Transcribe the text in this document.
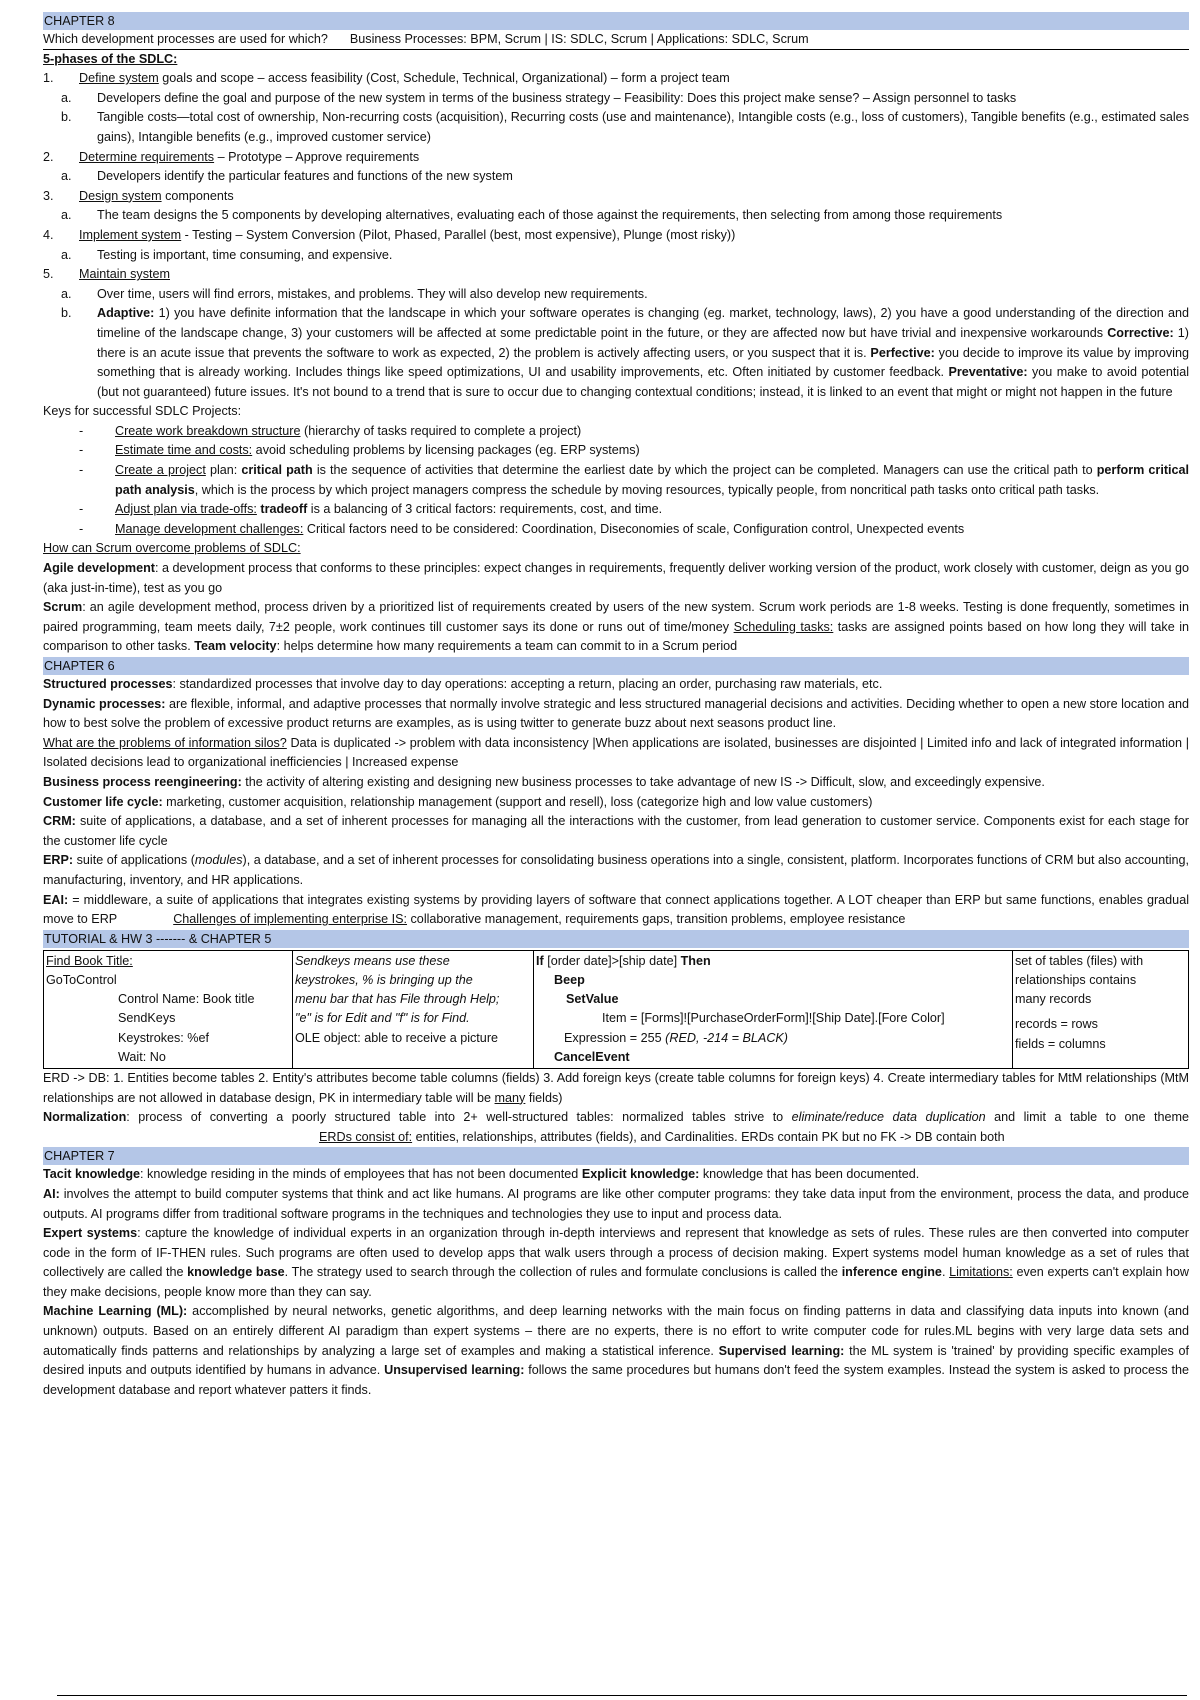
CHAPTER 8
Which development processes are used for which? Business Processes: BPM, Scrum | IS: SDLC, Scrum | Applications: SDLC, Scrum
5-phases of the SDLC:
1.	Define system goals and scope – access feasibility (Cost, Schedule, Technical, Organizational) – form a project team
a.	Developers define the goal and purpose of the new system in terms of the business strategy – Feasibility: Does this project make sense? – Assign personnel to tasks
b.	Tangible costs—total cost of ownership, Non-recurring costs (acquisition), Recurring costs (use and maintenance), Intangible costs (e.g., loss of customers), Tangible benefits (e.g., estimated sales gains), Intangible benefits (e.g., improved customer service)
2.	Determine requirements – Prototype – Approve requirements
a.	Developers identify the particular features and functions of the new system
3.	Design system components
a.	The team designs the 5 components by developing alternatives, evaluating each of those against the requirements, then selecting from among those requirements
4.	Implement system - Testing – System Conversion (Pilot, Phased, Parallel (best, most expensive), Plunge (most risky))
a.	Testing is important, time consuming, and expensive.
5.	Maintain system
a.	Over time, users will find errors, mistakes, and problems. They will also develop new requirements.
b.	Adaptive: 1) you have definite information that the landscape in which your software operates is changing (eg. market, technology, laws), 2) you have a good understanding of the direction and timeline of the landscape change, 3) your customers will be affected at some predictable point in the future, or they are affected now but have trivial and inexpensive workarounds Corrective: 1) there is an acute issue that prevents the software to work as expected, 2) the problem is actively affecting users, or you suspect that it is. Perfective: you decide to improve its value by improving something that is already working. Includes things like speed optimizations, UI and usability improvements, etc. Often initiated by customer feedback. Preventative: you make to avoid potential (but not guaranteed) future issues. It's not bound to a trend that is sure to occur due to changing contextual conditions; instead, it is linked to an event that might or might not happen in the future
Keys for successful SDLC Projects:
-	Create work breakdown structure (hierarchy of tasks required to complete a project)
-	Estimate time and costs: avoid scheduling problems by licensing packages (eg. ERP systems)
-	Create a project plan: critical path is the sequence of activities that determine the earliest date by which the project can be completed. Managers can use the critical path to perform critical path analysis, which is the process by which project managers compress the schedule by moving resources, typically people, from noncritical path tasks onto critical path tasks.
-	Adjust plan via trade-offs: tradeoff is a balancing of 3 critical factors: requirements, cost, and time.
-	Manage development challenges: Critical factors need to be considered: Coordination, Diseconomies of scale, Configuration control, Unexpected events
How can Scrum overcome problems of SDLC:
Agile development: a development process that conforms to these principles: expect changes in requirements, frequently deliver working version of the product, work closely with customer, deign as you go (aka just-in-time), test as you go
Scrum: an agile development method, process driven by a prioritized list of requirements created by users of the new system. Scrum work periods are 1-8 weeks. Testing is done frequently, sometimes in paired programming, team meets daily, 7±2 people, work continues till customer says its done or runs out of time/money Scheduling tasks: tasks are assigned points based on how long they will take in comparison to other tasks. Team velocity: helps determine how many requirements a team can commit to in a Scrum period
CHAPTER 6
Structured processes: standardized processes that involve day to day operations: accepting a return, placing an order, purchasing raw materials, etc.
Dynamic processes: are flexible, informal, and adaptive processes that normally involve strategic and less structured managerial decisions and activities. Deciding whether to open a new store location and how to best solve the problem of excessive product returns are examples, as is using twitter to generate buzz about next seasons product line.
What are the problems of information silos? Data is duplicated -> problem with data inconsistency |When applications are isolated, businesses are disjointed | Limited info and lack of integrated information | Isolated decisions lead to organizational inefficiencies | Increased expense
Business process reengineering: the activity of altering existing and designing new business processes to take advantage of new IS -> Difficult, slow, and exceedingly expensive.
Customer life cycle: marketing, customer acquisition, relationship management (support and resell), loss (categorize high and low value customers)
CRM: suite of applications, a database, and a set of inherent processes for managing all the interactions with the customer, from lead generation to customer service. Components exist for each stage for the customer life cycle
ERP: suite of applications (modules), a database, and a set of inherent processes for consolidating business operations into a single, consistent, platform. Incorporates functions of CRM but also accounting, manufacturing, inventory, and HR applications.
EAI: = middleware, a suite of applications that integrates existing systems by providing layers of software that connect applications together. A LOT cheaper than ERP but same functions, enables gradual move to ERP	Challenges of implementing enterprise IS: collaborative management, requirements gaps, transition problems, employee resistance
TUTORIAL & HW 3 ------- & CHAPTER 5
Find Book Title:
GoToControl
Control Name: Book title
SendKeys
Keystrokes: %ef
Wait: No

Sendkeys means use these
keystrokes, % is bringing up the
menu bar that has File through Help;
"e" is for Edit and "f" is for Find.
OLE object: able to receive a picture

If [order date]>[ship date] Then
Beep
SetValue
Item = [Forms]![PurchaseOrderForm]![Ship Date].[Fore Color]
Expression = 255 (RED, -214 = BLACK)
CancelEvent

set of tables (files) with
relationships contains
many records
records = rows
fields = columns
ERD -> DB: 1. Entities become tables 2. Entity's attributes become table columns (fields) 3. Add foreign keys (create table columns for foreign keys) 4. Create intermediary tables for MtM relationships (MtM relationships are not allowed in database design, PK in intermediary table will be many fields)
Normalization: process of converting a poorly structured table into 2+ well-structured tables: normalized tables strive to eliminate/reduce data duplication and limit a table to one themeERDs consist of: entities, relationships, attributes (fields), and Cardinalities. ERDs contain PK but no FK -> DB contain both
CHAPTER 7
Tacit knowledge: knowledge residing in the minds of employees that has not been documented Explicit knowledge: knowledge that has been documented.
AI: involves the attempt to build computer systems that think and act like humans. AI programs are like other computer programs: they take data input from the environment, process the data, and produce outputs. AI programs differ from traditional software programs in the techniques and technologies they use to input and process data.
Expert systems: capture the knowledge of individual experts in an organization through in-depth interviews and represent that knowledge as sets of rules. These rules are then converted into computer code in the form of IF-THEN rules. Such programs are often used to develop apps that walk users through a process of decision making. Expert systems model human knowledge as a set of rules that collectively are called the knowledge base. The strategy used to search through the collection of rules and formulate conclusions is called the inference engine. Limitations: even experts can't explain how they make decisions, people know more than they can say.
Machine Learning (ML): accomplished by neural networks, genetic algorithms, and deep learning networks with the main focus on finding patterns in data and classifying data inputs into known (and unknown) outputs. Based on an entirely different AI paradigm than expert systems – there are no experts, there is no effort to write computer code for rules.ML begins with very large data sets and automatically finds patterns and relationships by analyzing a large set of examples and making a statistical inference. Supervised learning: the ML system is 'trained' by providing specific examples of desired inputs and outputs identified by humans in advance. Unsupervised learning: follows the same procedures but humans don't feed the system examples. Instead the system is asked to process the development database and report whatever patters it finds.
